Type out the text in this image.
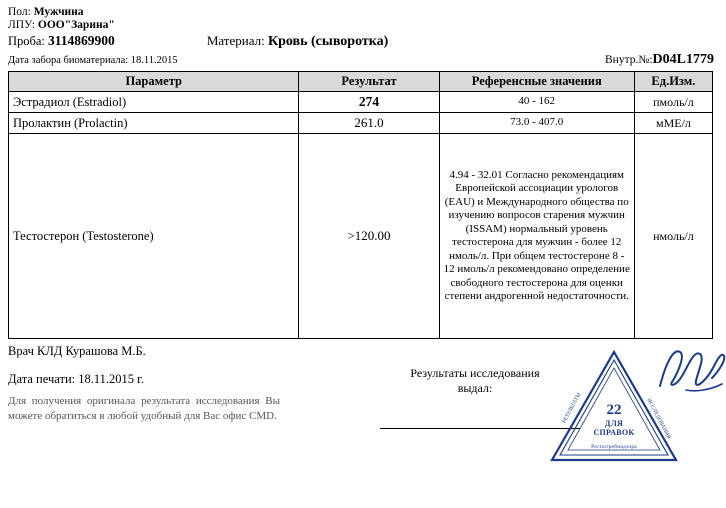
Пол: Мужчина
ЛПУ: ООО"Зарина"
Проба: 3114869900	Материал: Кровь (сыворотка)
Дата забора биоматериала: 18.11.2015	Внутр.№:D04L1779
Параметр	Результат	Референсные значения	Ед.Изм.
Эстрадиол (Estradiol)	274	40 - 162	пмоль/л
Пролактин (Prolactin)	261.0	73.0 - 407.0	мМЕ/л
Тестостерон (Testosterone)	>120.00	4.94 - 32.01 Согласно рекомендациям Европейской ассоциации урологов (ЕАU) и Международного общества по изучению вопросов старения мужчин (ISSAM) нормальный уровень тестостерона для мужчин - более 12 нмоль/л. При общем тестостероне 8 - 12 нмоль/л рекомендовано определение свободного тестостерона для оценки степени андрогенной недостаточности.	нмоль/л
Врач КЛД Курашова М.Б.
Дата печати: 18.11.2015 г.
Для получения оригинала результата исследования Вы можете обратиться в любой удобный для Вас офис CMD.
Результаты исследования
выдал:
22
ДЛЯ
СПРАВОК
Роспотребнадзора
РЕЗУЛЬТАТЫ	ИССЛЕДОВАНИЯ
